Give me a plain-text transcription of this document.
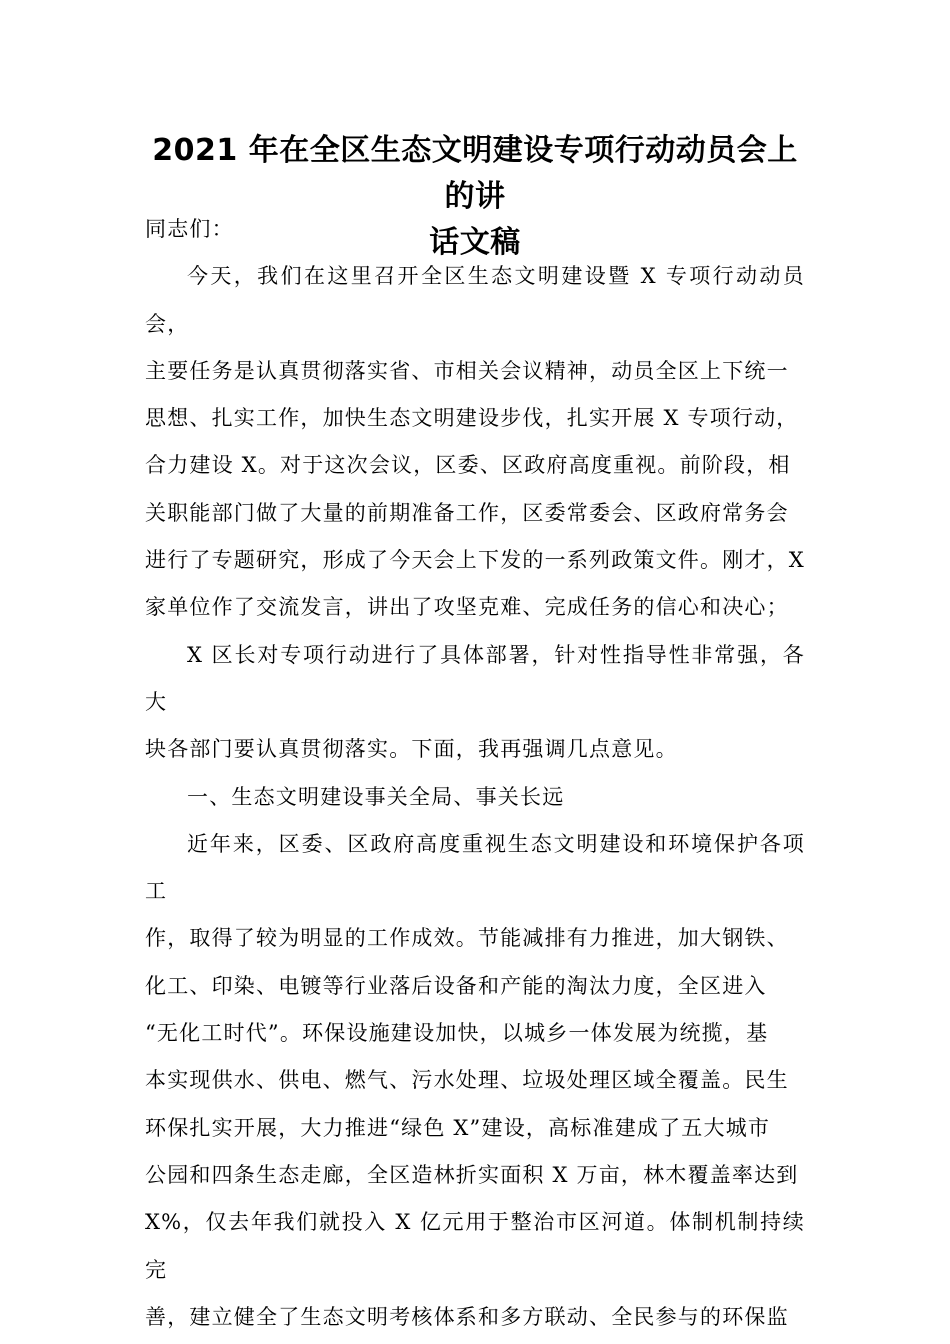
2021 年在全区生态文明建设专项行动动员会上的讲
话文稿

同志们：

今天，我们在这里召开全区生态文明建设暨 X 专项行动动员会，
主要任务是认真贯彻落实省、市相关会议精神，动员全区上下统一
思想、扎实工作，加快生态文明建设步伐，扎实开展 X 专项行动，
合力建设 X。对于这次会议，区委、区政府高度重视。前阶段，相
关职能部门做了大量的前期准备工作，区委常委会、区政府常务会
进行了专题研究，形成了今天会上下发的一系列政策文件。刚才，X
家单位作了交流发言，讲出了攻坚克难、完成任务的信心和决心；

X 区长对专项行动进行了具体部署，针对性指导性非常强，各大
块各部门要认真贯彻落实。下面，我再强调几点意见。

一、生态文明建设事关全局、事关长远

近年来，区委、区政府高度重视生态文明建设和环境保护各项工
作，取得了较为明显的工作成效。节能减排有力推进，加大钢铁、
化工、印染、电镀等行业落后设备和产能的淘汰力度，全区进入
“无化工时代”。环保设施建设加快，以城乡一体发展为统揽，基
本实现供水、供电、燃气、污水处理、垃圾处理区域全覆盖。民生
环保扎实开展，大力推进“绿色 X”建设，高标准建成了五大城市
公园和四条生态走廊，全区造林折实面积 X 万亩，林木覆盖率达到
X%，仅去年我们就投入 X 亿元用于整治市区河道。体制机制持续完
善，建立健全了生态文明考核体系和多方联动、全民参与的环保监
